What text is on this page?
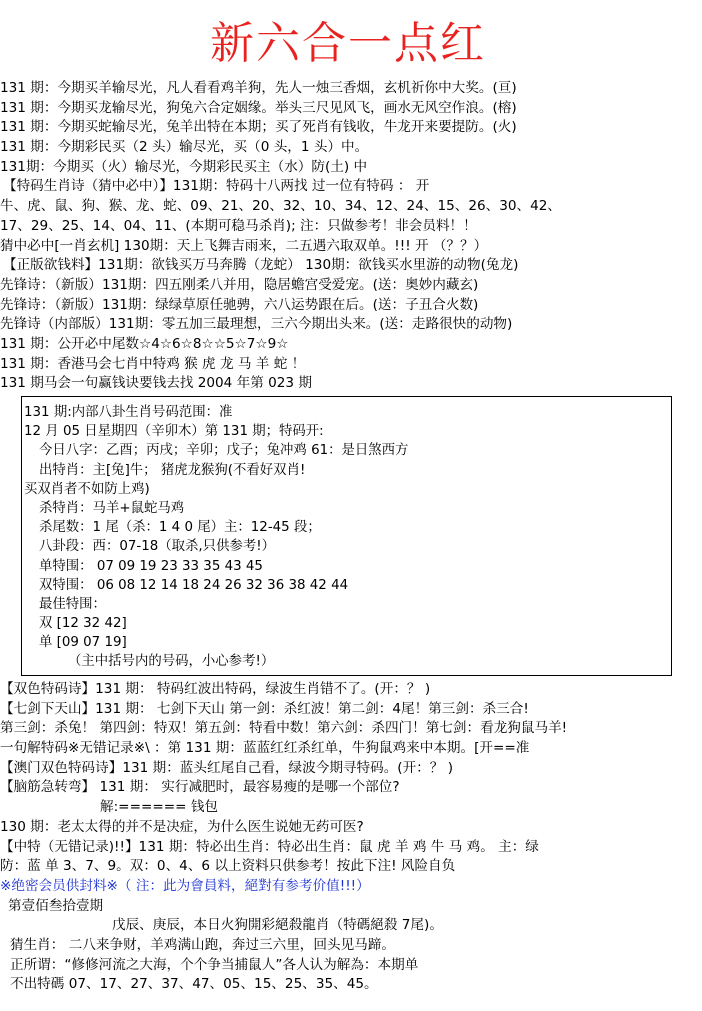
新六合一点红
131 期：今期买羊输尽光，凡人看看鸡羊狗，先人一烛三香烟，玄机祈你中大奖。(亘)
131 期：今期买龙输尽光，狗兔六合定姻缘。举头三尺见风飞，画水无风空作浪。(榕)
131 期：今期买蛇输尽光，兔羊出特在本期；买了死肖有钱收，牛龙开来要提防。(火)
131 期：今期彩民买（2 头）输尽光，买（0 头，1 头）中。
131期：今期买（火）输尽光，今期彩民买主（水）防(土) 中
【特码生肖诗（猜中必中）】131期：特码十八两找 过一位有特码 ： 开
牛、虎、鼠、狗、猴、龙、蛇、09、21、20、32、10、34、12、24、15、26、30、42、
17、29、25、14、04、11、(本期可稳马杀肖); 注：只做参考！非会员料！！
猜中必中[一肖玄机] 130期：天上飞舞吉雨来，二五遇六取双单。!!! 开 （？？）
【正版欲钱料】131期：欲钱买万马奔腾（龙蛇） 130期：欲钱买水里游的动物(兔龙)
先锋诗：（新版）131期：四五刚柔八并用，隐居蟾宫受爱宠。(送：奥妙内藏玄)
先锋诗：（新版）131期：绿绿草原任驰骋，六八运势跟在后。(送：子丑合火数)
先锋诗（内部版）131期：零五加三最理想，三六今期出头来。(送：走路很快的动物)
131 期：公开必中尾数☆4☆6☆8☆☆5☆7☆9☆
131 期：香港马会七肖中特鸡 猴 虎 龙 马 羊 蛇 ！
131 期马会一句赢钱诀要钱去找 2004 年第 023 期
131 期:内部八卦生肖号码范围：准
12 月 05 日星期四（辛卯木）第 131 期；特码开:
今日八字：乙酉；丙戌；辛卯；戊子；兔冲鸡 61：是日煞西方
出特肖：主[兔]牛； 猪虎龙猴狗(不看好双肖!
买双肖者不如防上鸡)
杀特肖：马羊+鼠蛇马鸡
杀尾数：1 尾（杀：1 4 0 尾）主：12-45 段；
八卦段：西：07-18（取杀,只供参考!）
单特围： 07 09 19 23 33 35 43 45
双特围： 06 08 12 14 18 24 26 32 36 38 42 44
最佳特围：
双 [12 32 42]
单 [09 07 19]
（主中括号内的号码，小心参考!）
【双色特码诗】131 期： 特码红波出特码，绿波生肖错不了。(开：？ )
【七剑下天山】131 期： 七剑下天山 第一剑：杀红波！第二剑：4尾！第三剑：杀三合!
第三剑：杀兔！ 第四剑：特双！第五剑：特看中数！第六剑：杀四门！第七剑：看龙狗鼠马羊!
一句解特码※无错记录※\ ：第 131 期：蓝蓝红红杀红单，牛狗鼠鸡来中本期。[开==准
【澳门双色特码诗】131 期：蓝头红尾自己看，绿波今期寻特码。(开：？ )
【脑筋急转弯】 131 期： 实行减肥时，最容易瘦的是哪一个部位?
解:====== 钱包
130 期：老太太得的并不是决症，为什么医生说她无药可医?
【中特（无错记录)!!】131 期：特必出生肖：特必出生肖：鼠 虎 羊 鸡 牛 马 鸡。 主：绿
防：蓝 单 3、7、9。双：0、4、6 以上资料只供参考！按此下注! 风险自负
※绝密会员供封料※（ 注：此为會員料，絕對有参考价值!!!）
第壹佰叁拾壹期
戊辰、庚辰，本日火狗開彩絕殺龍肖（特碼絕殺 7尾)。
猜生肖： 二八来争财，羊鸡满山跑，奔过三六里，回头见马蹄。
正所谓：“修修河流之大海，个个争当捕鼠人”各人认为解為：本期单
不出特碼 07、17、27、37、47、05、15、25、35、45。
